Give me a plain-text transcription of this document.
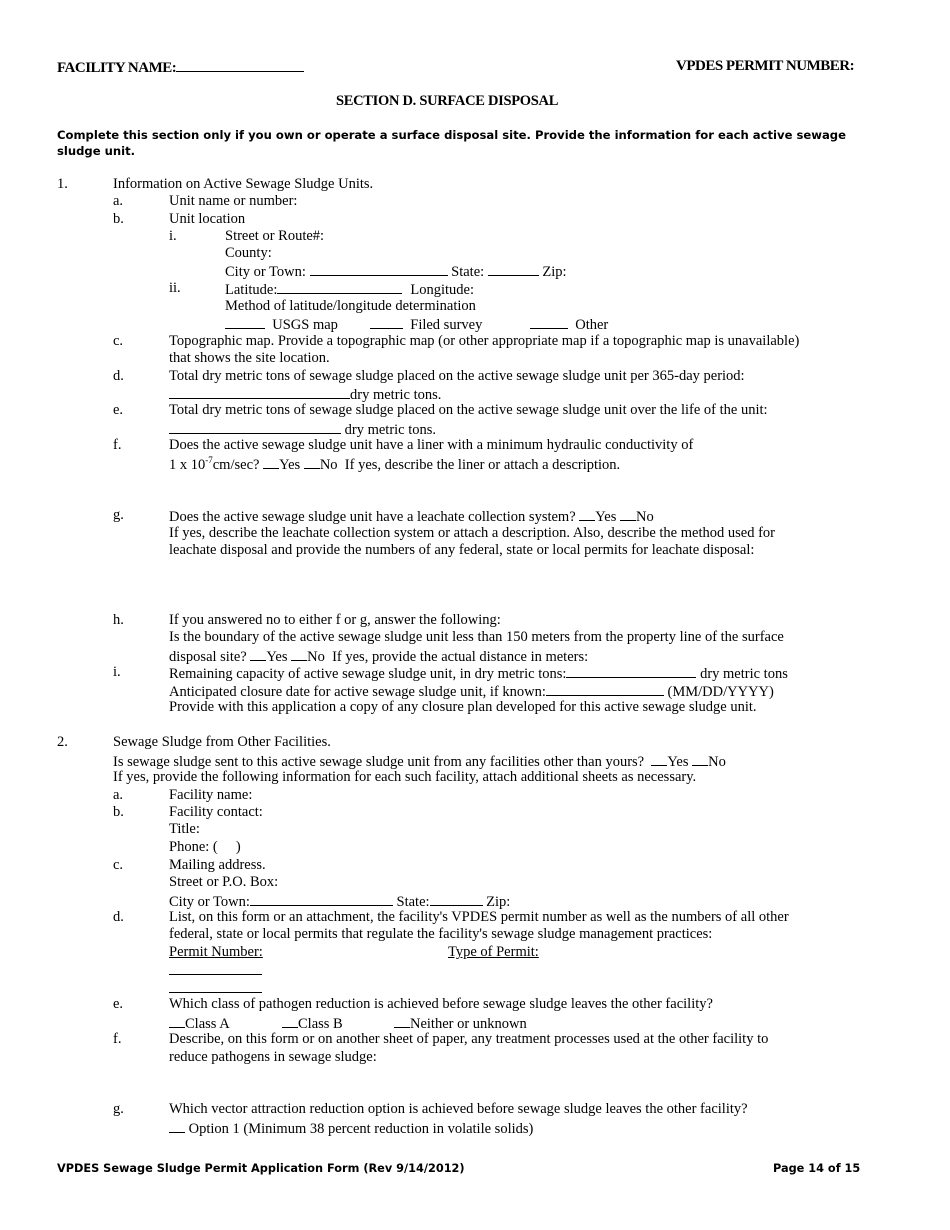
FACILITY NAME:	VPDES PERMIT NUMBER:
SECTION D. SURFACE DISPOSAL
Complete this section only if you own or operate a surface disposal site. Provide the information for each active sewage sludge unit.
1.	Information on Active Sewage Sludge Units.
a.	Unit name or number:
b.	Unit location
i.	Street or Route#:
County:
City or Town:	State:	Zip:
ii.	Latitude:	Longitude:
Method of latitude/longitude determination
USGS map	Filed survey	Other
c.	Topographic map. Provide a topographic map (or other appropriate map if a topographic map is unavailable)
that shows the site location.
d.	Total dry metric tons of sewage sludge placed on the active sewage sludge unit per 365-day period:
dry metric tons.
e.	Total dry metric tons of sewage sludge placed on the active sewage sludge unit over the life of the unit:
dry metric tons.
f.	Does the active sewage sludge unit have a liner with a minimum hydraulic conductivity of
1 x $10^{-7}cm/\sec$? Yes No If yes, describe the liner or attach a description.
g.	Does the active sewage sludge unit have a leachate collection system? Yes No
If yes, describe the leachate collection system or attach a description. Also, describe the method used for
leachate disposal and provide the numbers of any federal, state or local permits for leachate disposal:
h.	If you answered no to either f or g, answer the following:
Is the boundary of the active sewage sludge unit less than 150 meters from the property line of the surface
disposal site? Yes No If yes, provide the actual distance in meters:
i.	Remaining capacity of active sewage sludge unit, in dry metric tons:	dry metric tons
Anticipated closure date for active sewage sludge unit, if known:	(MM/DD/YYYY)
Provide with this application a copy of any closure plan developed for this active sewage sludge unit.
2.	Sewage Sludge from Other Facilities.
Is sewage sludge sent to this active sewage sludge unit from any facilities other than yours? Yes No
If yes, provide the following information for each such facility, attach additional sheets as necessary.
a.	Facility name:
b.	Facility contact:
Title:
Phone: (     )
c.	Mailing address.
Street or P.O. Box:
City or Town:	State:	Zip:
d.	List, on this form or an attachment, the facility's VPDES permit number as well as the numbers of all other
federal, state or local permits that regulate the facility's sewage sludge management practices:
Permit Number:	Type of Permit:
e.	Which class of pathogen reduction is achieved before sewage sludge leaves the other facility?
Class A	Class B	Neither or unknown
f.	Describe, on this form or on another sheet of paper, any treatment processes used at the other facility to
reduce pathogens in sewage sludge:
g.	Which vector attraction reduction option is achieved before sewage sludge leaves the other facility?
Option 1 (Minimum 38 percent reduction in volatile solids)
VPDES Sewage Sludge Permit Application Form (Rev 9/14/2012)	Page 14 of 15
